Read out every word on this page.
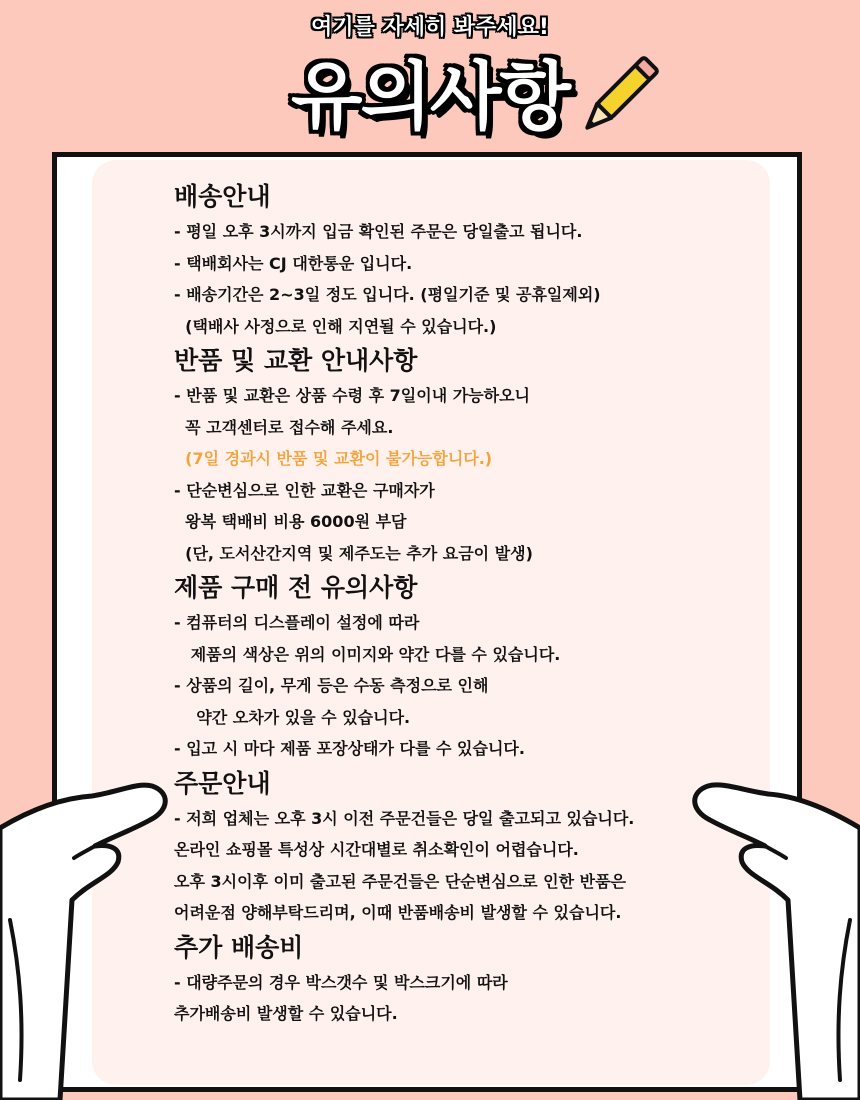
여기를 자세히 봐주세요!
유의사항
배송안내

- 평일 오후 3시까지 입금 확인된 주문은 당일출고 됩니다.

- 택배회사는 CJ 대한통운 입니다.

- 배송기간은 2~3일 정도 입니다. (평일기준 및 공휴일제외)

(택배사 사정으로 인해 지연될 수 있습니다.)

반품 및 교환 안내사항

- 반품 및 교환은 상품 수령 후 7일이내 가능하오니

꼭 고객센터로 접수해 주세요.

(7일 경과시 반품 및 교환이 불가능합니다.)

- 단순변심으로 인한 교환은 구매자가

왕복 택배비 비용 6000원 부담

(단, 도서산간지역 및 제주도는 추가 요금이 발생)

제품 구매 전 유의사항

- 컴퓨터의 디스플레이 설정에 따라

제품의 색상은 위의 이미지와 약간 다를 수 있습니다.

- 상품의 길이, 무게 등은 수동 측정으로 인해

약간 오차가 있을 수 있습니다.

- 입고 시 마다 제품 포장상태가 다를 수 있습니다.

주문안내

- 저희 업체는 오후 3시 이전 주문건들은 당일 출고되고 있습니다.

온라인 쇼핑몰 특성상 시간대별로 취소확인이 어렵습니다.

오후 3시이후 이미 출고된 주문건들은 단순변심으로 인한 반품은

어려운점 양해부탁드리며, 이때 반품배송비 발생할 수 있습니다.

추가 배송비

- 대량주문의 경우 박스갯수 및 박스크기에 따라

추가배송비 발생할 수 있습니다.
